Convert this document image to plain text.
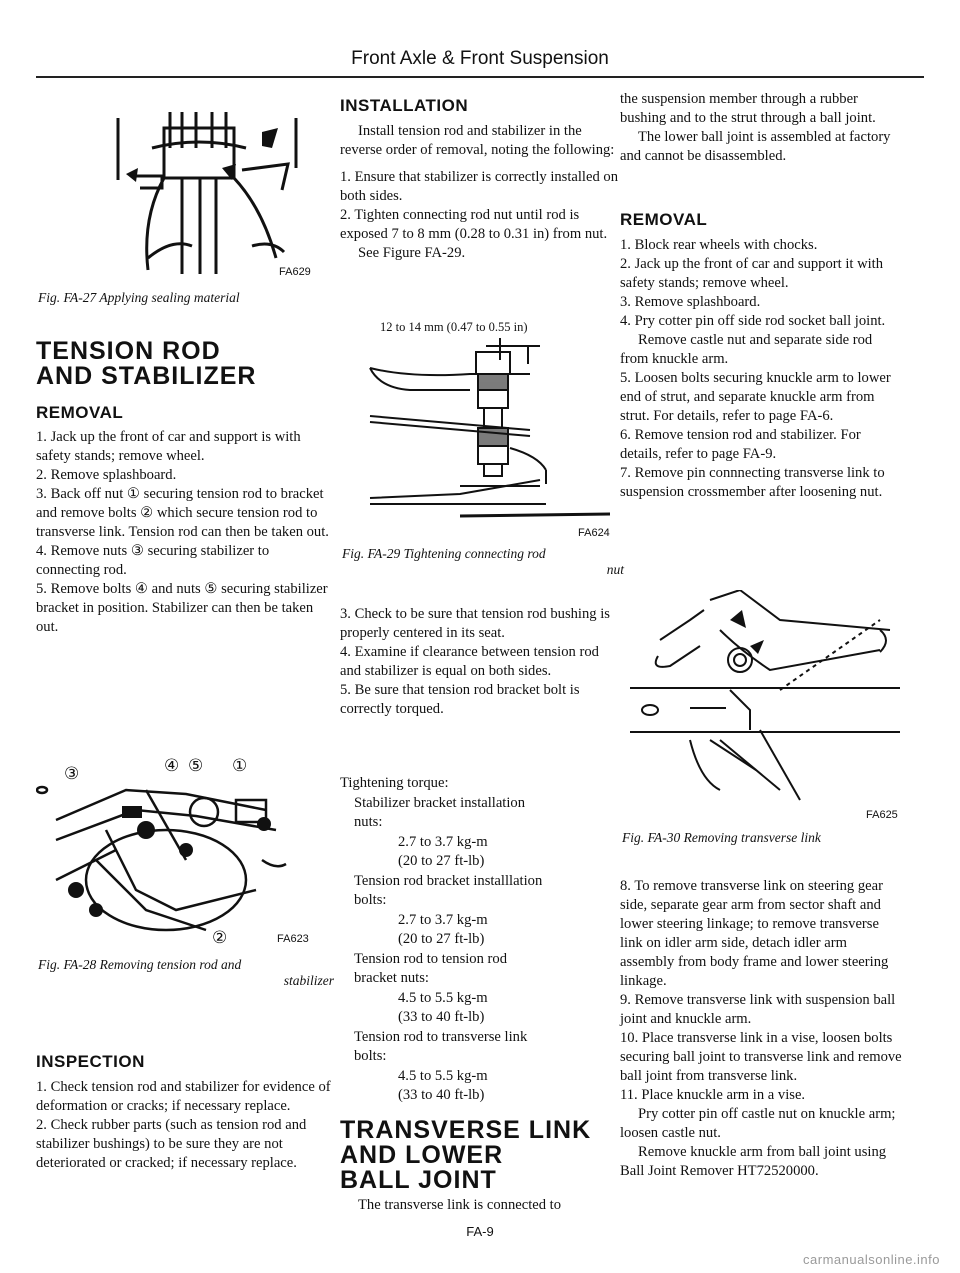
Front Axle & Front Suspension
FA629
Fig. FA-27 Applying sealing material
TENSION ROD
AND STABILIZER
REMOVAL

1. Jack up the front of car and support is with safety stands; remove wheel.

2. Remove splashboard.

3. Back off nut ① securing tension rod to bracket and remove bolts ② which secure tension rod to transverse link. Tension rod can then be taken out.

4. Remove nuts ③ securing stabilizer to connecting rod.

5. Remove bolts ④ and nuts ⑤ securing stabilizer bracket in position. Stabilizer can then be taken out.

③	④ ⑤ ①
②	FA623
Fig. FA-28 Removing tension rod and
stabilizer
INSPECTION

1. Check tension rod and stabilizer for evidence of deformation or cracks; if necessary replace.

2. Check rubber parts (such as tension rod and stabilizer bushings) to be sure they are not deteriorated or cracked; if necessary replace.

INSTALLATION

Install tension rod and stabilizer in the reverse order of removal, noting the following:

1. Ensure that stabilizer is correctly installed on both sides.

2. Tighten connecting rod nut until rod is exposed 7 to 8 mm (0.28 to 0.31 in) from nut.

See Figure FA-29.

12 to 14 mm (0.47 to 0.55 in)
FA624
Fig. FA-29 Tightening connecting rod
nut

3. Check to be sure that tension rod bushing is properly centered in its seat.

4. Examine if clearance between tension rod and stabilizer is equal on both sides.

5. Be sure that tension rod bracket bolt is correctly torqued.

Tightening torque:

Stabilizer bracket installation

nuts:

2.7 to 3.7 kg-m

(20 to 27 ft-lb)

Tension rod bracket installlation

bolts:

2.7 to 3.7 kg-m

(20 to 27 ft-lb)

Tension rod to tension rod

bracket nuts:

4.5 to 5.5 kg-m

(33 to 40 ft-lb)

Tension rod to transverse link

bolts:

4.5 to 5.5 kg-m

(33 to 40 ft-lb)

TRANSVERSE LINK
AND LOWER
BALL JOINT

The transverse link is connected to

the suspension member through a rubber bushing and to the strut through a ball joint.

The lower ball joint is assembled at factory and cannot be disassembled.

REMOVAL

1. Block rear wheels with chocks.

2. Jack up the front of car and support it with safety stands; remove wheel.

3. Remove splashboard.

4. Pry cotter pin off side rod socket ball joint.

Remove castle nut and separate side rod from knuckle arm.

5. Loosen bolts securing knuckle arm to lower end of strut, and separate knuckle arm from strut. For details, refer to page FA-6.

6. Remove tension rod and stabilizer. For details, refer to page FA-9.

7. Remove pin connnecting transverse link to suspension crossmember after loosening nut.

FA625
Fig. FA-30 Removing transverse link

8. To remove transverse link on steering gear side, separate gear arm from sector shaft and lower steering linkage; to remove transverse link on idler arm side, detach idler arm assembly from body frame and lower steering linkage.

9. Remove transverse link with suspension ball joint and knuckle arm.

10. Place transverse link in a vise, loosen bolts securing ball joint to transverse link and remove ball joint from transverse link.

11. Place knuckle arm in a vise.

Pry cotter pin off castle nut on knuckle arm; loosen castle nut.

Remove knuckle arm from ball joint using Ball Joint Remover HT72520000.

FA-9
carmanualsonline.info
